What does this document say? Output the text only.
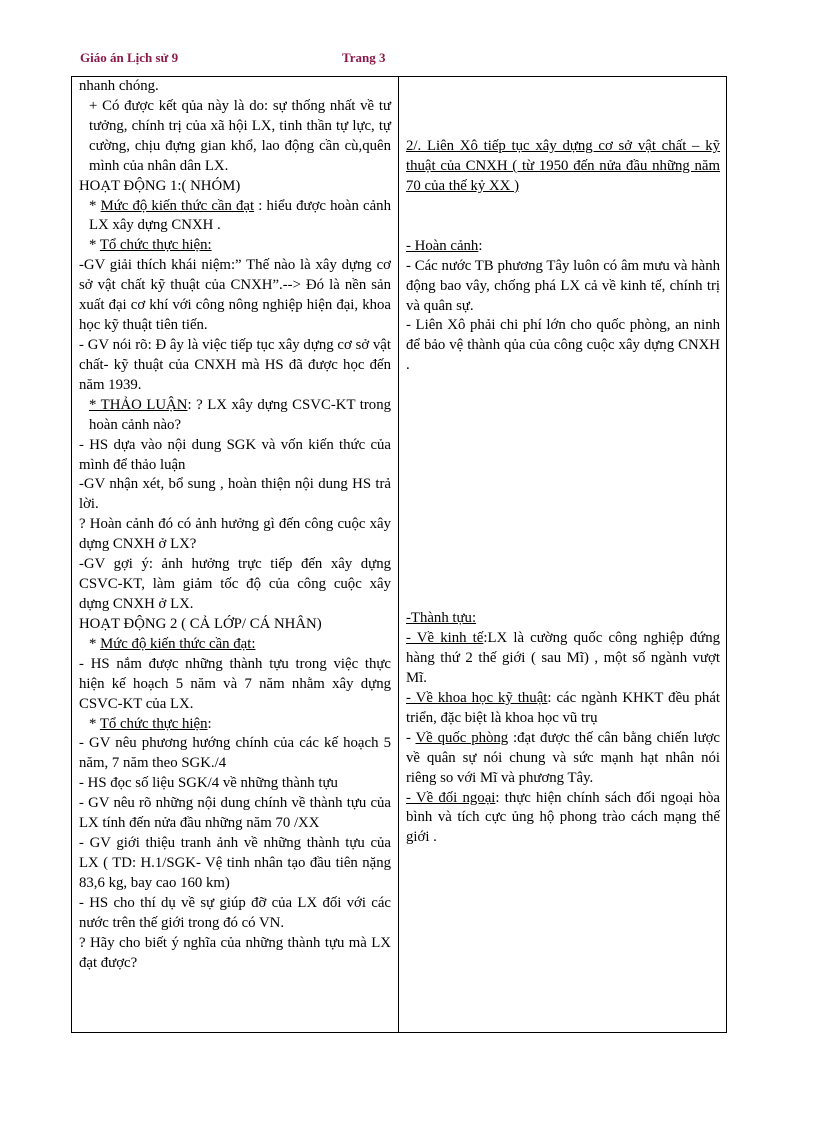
Giáo án Lịch sử 9	Trang 3
nhanh chóng.
+ Có được kết qủa này là do: sự thống nhất về tư tưởng, chính trị của xã hội LX, tinh thần tự lực, tự cường, chịu đựng gian khổ, lao động cần cù,quên mình của nhân dân LX.
HOẠT ĐỘNG 1:( NHÓM)
* Mức độ kiến thức cần đạt : hiểu được hoàn cảnh LX xây dựng CNXH .
* Tổ chức thực hiện:
-GV giải thích khái niệm:” Thế nào là xây dựng cơ sở vật chất kỹ thuật của CNXH”.--> Đó là nền sản xuất đại cơ khí với công nông nghiệp hiện đại, khoa học kỹ thuật tiên tiến.
- GV nói rõ: Đ ây là việc tiếp tục xây dựng cơ sở vật chất- kỹ thuật của CNXH mà HS đã được học đến năm 1939.
* THẢO LUẬN: ? LX xây dựng CSVC-KT trong hoàn cảnh nào?
- HS dựa vào nội dung SGK và vốn kiến thức của mình để thảo luận
-GV nhận xét, bổ sung , hoàn thiện nội dung HS trả lời.
? Hoàn cảnh đó có ảnh hưởng gì đến công cuộc xây dựng CNXH ở LX?
-GV gợi ý: ảnh hưởng trực tiếp đến xây dựng CSVC-KT, làm giảm tốc độ của công cuộc xây dựng CNXH ở LX.
HOẠT ĐỘNG 2 ( CẢ LỚP/ CÁ NHÂN)
* Mức độ kiến thức cần đạt:
- HS nắm được những thành tựu trong việc thực hiện kế hoạch 5 năm và 7 năm nhằm xây dựng CSVC-KT của LX.
* Tổ chức thực hiện:
- GV nêu phương hướng chính của các kế hoạch 5 năm, 7 năm theo SGK./4
- HS đọc số liệu SGK/4 về những thành tựu
- GV nêu rõ những nội dung chính về thành tựu của LX tính đến nửa đầu những năm 70 /XX
- GV giới thiệu tranh ảnh về những thành tựu của LX ( TD: H.1/SGK- Vệ tinh nhân tạo đầu tiên nặng 83,6 kg, bay cao 160 km)
- HS cho thí dụ về sự giúp đỡ của LX đối với các nước trên thế giới trong đó có VN.
? Hãy cho biết ý nghĩa của những thành tựu mà LX đạt được?
2/. Liên Xô tiếp tục xây dựng cơ sở vật chất – kỹ thuật của CNXH ( từ 1950 đến nửa đầu những năm 70 của thế kỷ XX )
- Hoàn cảnh:
- Các nước TB phương Tây luôn có âm mưu và hành động bao vây, chống phá LX cả về kinh tế, chính trị và quân sự.
- Liên Xô phải chi phí lớn cho quốc phòng, an ninh để bảo vệ thành qủa của công cuộc xây dựng CNXH .
-Thành tựu:
- Về kinh tế:LX là cường quốc công nghiệp đứng hàng thứ 2 thế giới ( sau Mĩ) , một số ngành vượt Mĩ.
- Về khoa học kỹ thuật: các ngành KHKT đều phát triển, đặc biệt là khoa học vũ trụ
- Về quốc phòng :đạt được thế cân bằng chiến lược về quân sự nói chung và sức mạnh hạt nhân nói riêng so với Mĩ và phương Tây.
- Về đối ngoại: thực hiện chính sách đối ngoại hòa bình và tích cực ủng hộ phong trào cách mạng thế giới .
